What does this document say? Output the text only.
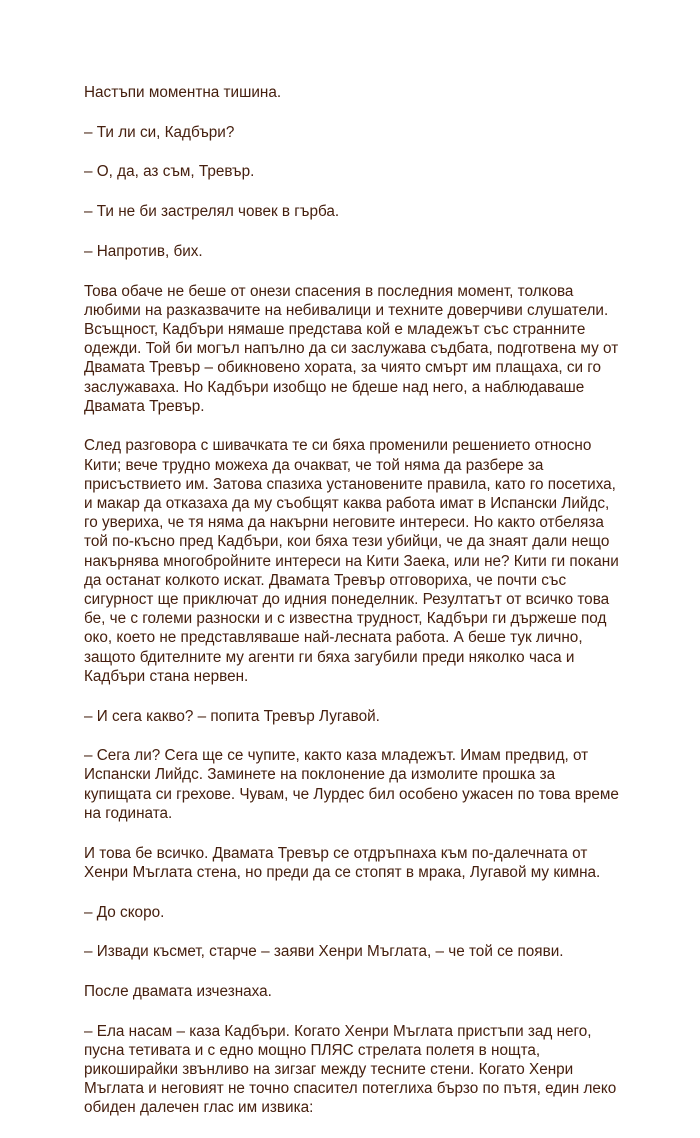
Настъпи моментна тишина.

– Ти ли си, Кадбъри?

– О, да, аз съм, Тревър.

– Ти не би застрелял човек в гърба.

– Напротив, бих.

Това обаче не беше от онези спасения в последния момент, толкова любими на разказвачите на небивалици и техните доверчиви слушатели. Всъщност, Кадбъри нямаше представа кой е младежът със странните одежди. Той би могъл напълно да си заслужава съдбата, подготвена му от Двамата Тревър – обикновено хората, за чиято смърт им плащаха, си го заслужаваха. Но Кадбъри изобщо не бдеше над него, а наблюдаваше Двамата Тревър.

След разговора с шивачката те си бяха променили решението относно Кити; вече трудно можеха да очакват, че той няма да разбере за присъствието им. Затова спазиха установените правила, като го посетиха, и макар да отказаха да му съобщят каква работа имат в Испански Лийдс, го увериха, че тя няма да накърни неговите интереси. Но както отбеляза той по-късно пред Кадбъри, кои бяха тези убийци, че да знаят дали нещо накърнява многобройните интереси на Кити Заека, или не? Кити ги покани да останат колкото искат. Двамата Тревър отговориха, че почти със сигурност ще приключат до идния понеделник. Резултатът от всичко това бе, че с големи разноски и с известна трудност, Кадбъри ги държеше под око, което не представляваше най-лесната работа. А беше тук лично, защото бдителните му агенти ги бяха загубили преди няколко часа и Кадбъри стана нервен.

– И сега какво? – попита Тревър Лугавой.

– Сега ли? Сега ще се чупите, както каза младежът. Имам предвид, от Испански Лийдс. Заминете на поклонение да измолите прошка за купищата си грехове. Чувам, че Лурдес бил особено ужасен по това време на годината.

И това бе всичко. Двамата Тревър се отдръпнаха към по-далечната от Хенри Мъглата стена, но преди да се стопят в мрака, Лугавой му кимна.

– До скоро.

– Извади късмет, старче – заяви Хенри Мъглата, – че той се появи.

После двамата изчезнаха.

– Ела насам – каза Кадбъри. Когато Хенри Мъглата пристъпи зад него, пусна тетивата и с едно мощно ПЛЯС стрелата полетя в нощта, рикоширайки звънливо на зигзаг между тесните стени. Когато Хенри Мъглата и неговият не точно спасител потеглиха бързо по пътя, един леко обиден далечен глас им извика:
